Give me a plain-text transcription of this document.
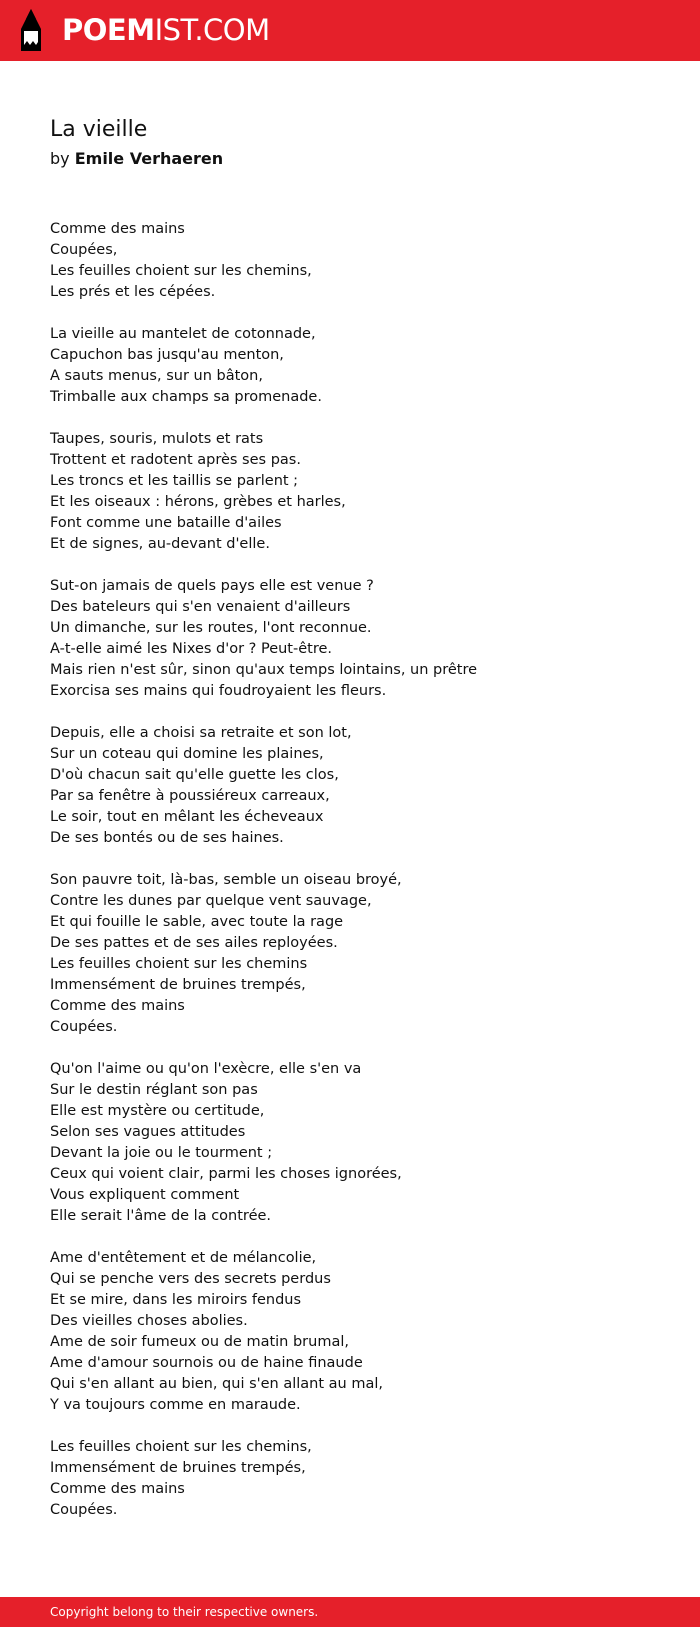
POEM IST.COM
La vieille
by Emile Verhaeren
Comme des mains
Coupées,
Les feuilles choient sur les chemins,
Les prés et les cépées.
La vieille au mantelet de cotonnade,
Capuchon bas jusqu'au menton,
A sauts menus, sur un bâton,
Trimballe aux champs sa promenade.
Taupes, souris, mulots et rats
Trottent et radotent après ses pas.
Les troncs et les taillis se parlent ;
Et les oiseaux : hérons, grèbes et harles,
Font comme une bataille d'ailes
Et de signes, au-devant d'elle.
Sut-on jamais de quels pays elle est venue ?
Des bateleurs qui s'en venaient d'ailleurs
Un dimanche, sur les routes, l'ont reconnue.
A-t-elle aimé les Nixes d'or ? Peut-être.
Mais rien n'est sûr, sinon qu'aux temps lointains, un prêtre
Exorcisa ses mains qui foudroyaient les fleurs.
Depuis, elle a choisi sa retraite et son lot,
Sur un coteau qui domine les plaines,
D'où chacun sait qu'elle guette les clos,
Par sa fenêtre à poussiéreux carreaux,
Le soir, tout en mêlant les écheveaux
De ses bontés ou de ses haines.
Son pauvre toit, là-bas, semble un oiseau broyé,
Contre les dunes par quelque vent sauvage,
Et qui fouille le sable, avec toute la rage
De ses pattes et de ses ailes reployées.
Les feuilles choient sur les chemins
Immensément de bruines trempés,
Comme des mains
Coupées.
Qu'on l'aime ou qu'on l'exècre, elle s'en va
Sur le destin réglant son pas
Elle est mystère ou certitude,
Selon ses vagues attitudes
Devant la joie ou le tourment ;
Ceux qui voient clair, parmi les choses ignorées,
Vous expliquent comment
Elle serait l'âme de la contrée.
Ame d'entêtement et de mélancolie,
Qui se penche vers des secrets perdus
Et se mire, dans les miroirs fendus
Des vieilles choses abolies.
Ame de soir fumeux ou de matin brumal,
Ame d'amour sournois ou de haine finaude
Qui s'en allant au bien, qui s'en allant au mal,
Y va toujours comme en maraude.
Les feuilles choient sur les chemins,
Immensément de bruines trempés,
Comme des mains
Coupées.
Copyright belong to their respective owners.
